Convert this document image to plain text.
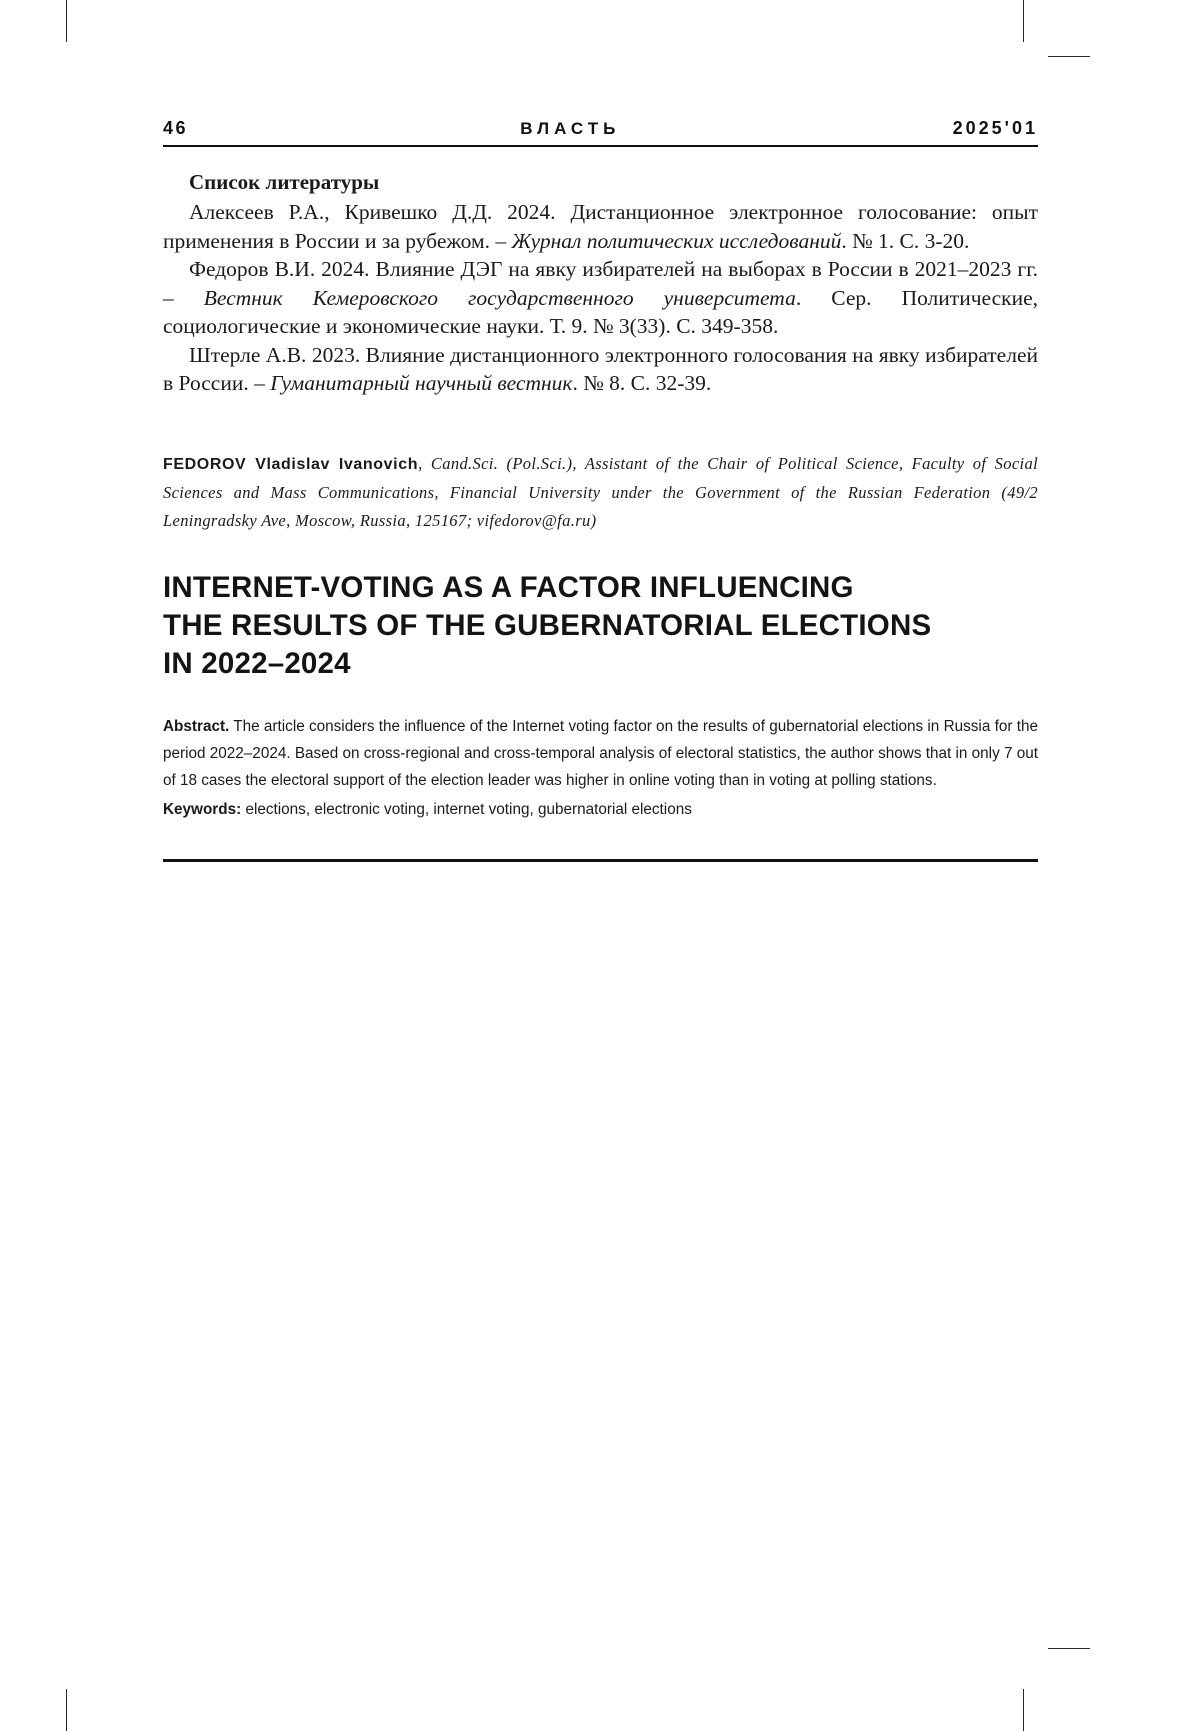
46	ВЛАСТЬ	2025'01
Список литературы

Алексеев Р.А., Кривешко Д.Д. 2024. Дистанционное электронное голосование: опыт применения в России и за рубежом. – Журнал политических исследований. № 1. С. 3-20.

Федоров В.И. 2024. Влияние ДЭГ на явку избирателей на выборах в России в 2021–2023 гг. – Вестник Кемеровского государственного университета. Сер. Политические, социологические и экономические науки. Т. 9. № 3(33). С. 349-358.

Штерле А.В. 2023. Влияние дистанционного электронного голосования на явку избирателей в России. – Гуманитарный научный вестник. № 8. С. 32-39.

FEDOROV Vladislav Ivanovich, Cand.Sci. (Pol.Sci.), Assistant of the Chair of Political Science, Faculty of Social Sciences and Mass Communications, Financial University under the Government of the Russian Federation (49/2 Leningradsky Ave, Moscow, Russia, 125167; vifedorov@fa.ru)
INTERNET-VOTING AS A FACTOR INFLUENCING
THE RESULTS OF THE GUBERNATORIAL ELECTIONS
IN 2022–2024
Abstract. The article considers the influence of the Internet voting factor on the results of gubernatorial elections in Russia for the period 2022–2024. Based on cross-regional and cross-temporal analysis of electoral statistics, the author shows that in only 7 out of 18 cases the electoral support of the election leader was higher in online voting than in voting at polling stations.
Keywords: elections, electronic voting, internet voting, gubernatorial elections
